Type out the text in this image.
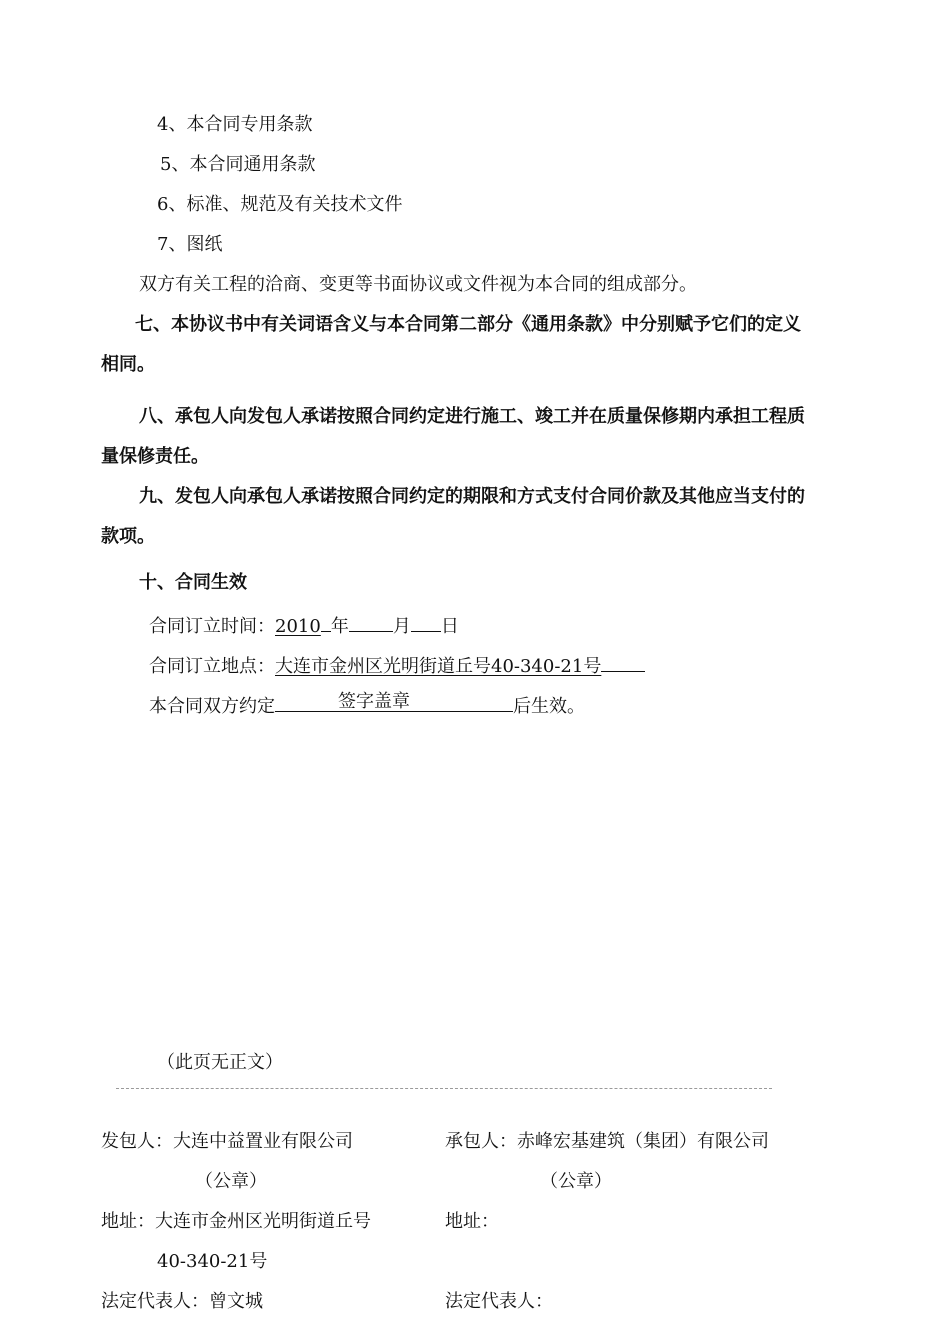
4、本合同专用条款
5、本合同通用条款
6、标准、规范及有关技术文件
7、图纸
双方有关工程的洽商、变更等书面协议或文件视为本合同的组成部分。
七、本协议书中有关词语含义与本合同第二部分《通用条款》中分别赋予它们的定义
相同。
八、承包人向发包人承诺按照合同约定进行施工、竣工并在质量保修期内承担工程质
量保修责任。
九、发包人向承包人承诺按照合同约定的期限和方式支付合同价款及其他应当支付的
款项。
十、合同生效
合同订立时间：2010 年 月 日
合同订立地点：大连市金州区光明街道丘号40-340-21号
本合同双方约定	签字盖章	后生效。
（此页无正文）
发包人：大连中益置业有限公司
（公章）
地址：大连市金州区光明街道丘号
40-340-21号
法定代表人：曾文城
承包人：赤峰宏基建筑（集团）有限公司
（公章）
地址：
法定代表人：
